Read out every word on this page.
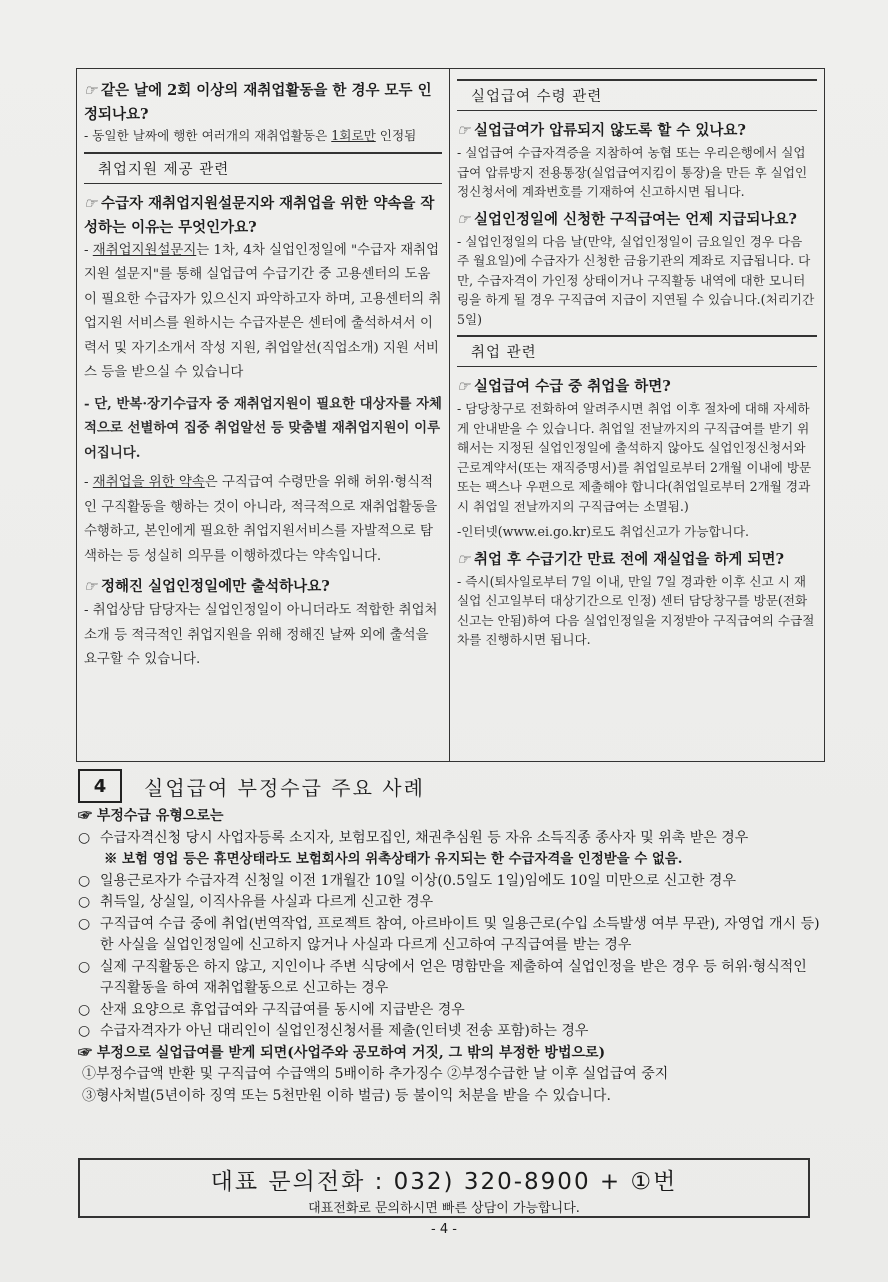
☞ 같은 날에 2회 이상의 재취업활동을 한 경우 모두 인정되나요?
- 동일한 날짜에 행한 여러개의 재취업활동은 1회로만 인정됨
취업지원 제공 관련
☞ 수급자 재취업지원설문지와 재취업을 위한 약속을 작성하는 이유는 무엇인가요?
- 재취업지원설문지는 1차, 4차 실업인정일에 "수급자 재취업지원 설문지"를 통해 실업급여 수급기간 중 고용센터의 도움이 필요한 수급자가 있으신지 파악하고자 하며, 고용센터의 취업지원 서비스를 원하시는 수급자분은 센터에 출석하셔서 이력서 및 자기소개서 작성 지원, 취업알선(직업소개) 지원 서비스 등을 받으실 수 있습니다
- 단, 반복·장기수급자 중 재취업지원이 필요한 대상자를 자체적으로 선별하여 집중 취업알선 등 맞춤별 재취업지원이 이루어집니다.
- 재취업을 위한 약속은 구직급여 수령만을 위해 허위·형식적인 구직활동을 행하는 것이 아니라, 적극적으로 재취업활동을 수행하고, 본인에게 필요한 취업지원서비스를 자발적으로 탐색하는 등 성실히 의무를 이행하겠다는 약속입니다.
☞ 정해진 실업인정일에만 출석하나요?
- 취업상담 담당자는 실업인정일이 아니더라도 적합한 취업처 소개 등 적극적인 취업지원을 위해 정해진 날짜 외에 출석을 요구할 수 있습니다.
실업급여 수령 관련
☞ 실업급여가 압류되지 않도록 할 수 있나요?
- 실업급여 수급자격증을 지참하여 농협 또는 우리은행에서 실업급여 압류방지 전용통장(실업급여지킴이 통장)을 만든 후 실업인정신청서에 계좌번호를 기재하여 신고하시면 됩니다.
☞ 실업인정일에 신청한 구직급여는 언제 지급되나요?
- 실업인정일의 다음 날(만약, 실업인정일이 금요일인 경우 다음 주 월요일)에 수급자가 신청한 금융기관의 계좌로 지급됩니다. 다만, 수급자격이 가인정 상태이거나 구직활동 내역에 대한 모니터링을 하게 될 경우 구직급여 지급이 지연될 수 있습니다.(처리기간 5일)
취업 관련
☞ 실업급여 수급 중 취업을 하면?
- 담당창구로 전화하여 알려주시면 취업 이후 절차에 대해 자세하게 안내받을 수 있습니다. 취업일 전날까지의 구직급여를 받기 위해서는 지정된 실업인정일에 출석하지 않아도 실업인정신청서와 근로계약서(또는 재직증명서)를 취업일로부터 2개월 이내에 방문 또는 팩스나 우편으로 제출해야 합니다(취업일로부터 2개월 경과 시 취업일 전날까지의 구직급여는 소멸됨.)
-인터넷(www.ei.go.kr)로도 취업신고가 가능합니다.
☞ 취업 후 수급기간 만료 전에 재실업을 하게 되면?
- 즉시(퇴사일로부터 7일 이내, 만일 7일 경과한 이후 신고 시 재실업 신고일부터 대상기간으로 인정) 센터 담당창구를 방문(전화신고는 안됨)하여 다음 실업인정일을 지정받아 구직급여의 수급절차를 진행하시면 됩니다.
4	실업급여 부정수급 주요 사례
☞ 부정수급 유형으로는
○ 수급자격신청 당시 사업자등록 소지자, 보험모집인, 채권추심원 등 자유 소득직종 종사자 및 위촉 받은 경우
※ 보험 영업 등은 휴면상태라도 보험회사의 위촉상태가 유지되는 한 수급자격을 인정받을 수 없음.
○ 일용근로자가 수급자격 신청일 이전 1개월간 10일 이상(0.5일도 1일)임에도 10일 미만으로 신고한 경우
○ 취득일, 상실일, 이직사유를 사실과 다르게 신고한 경우
○ 구직급여 수급 중에 취업(번역작업, 프로젝트 참여, 아르바이트 및 일용근로(수입 소득발생 여부 무관), 자영업 개시 등)한 사실을 실업인정일에 신고하지 않거나 사실과 다르게 신고하여 구직급여를 받는 경우
○ 실제 구직활동은 하지 않고, 지인이나 주변 식당에서 얻은 명함만을 제출하여 실업인정을 받은 경우 등 허위·형식적인 구직활동을 하여 재취업활동으로 신고하는 경우
○ 산재 요양으로 휴업급여와 구직급여를 동시에 지급받은 경우
○ 수급자격자가 아닌 대리인이 실업인정신청서를 제출(인터넷 전송 포함)하는 경우
☞ 부정으로 실업급여를 받게 되면(사업주와 공모하여 거짓, 그 밖의 부정한 방법으로)
①부정수급액 반환 및 구직급여 수급액의 5배이하 추가징수 ②부정수급한 날 이후 실업급여 중지
③형사처벌(5년이하 징역 또는 5천만원 이하 벌금) 등 불이익 처분을 받을 수 있습니다.
대표 문의전화 : 032) 320-8900 + ①번
대표전화로 문의하시면 빠른 상담이 가능합니다.
- 4 -
